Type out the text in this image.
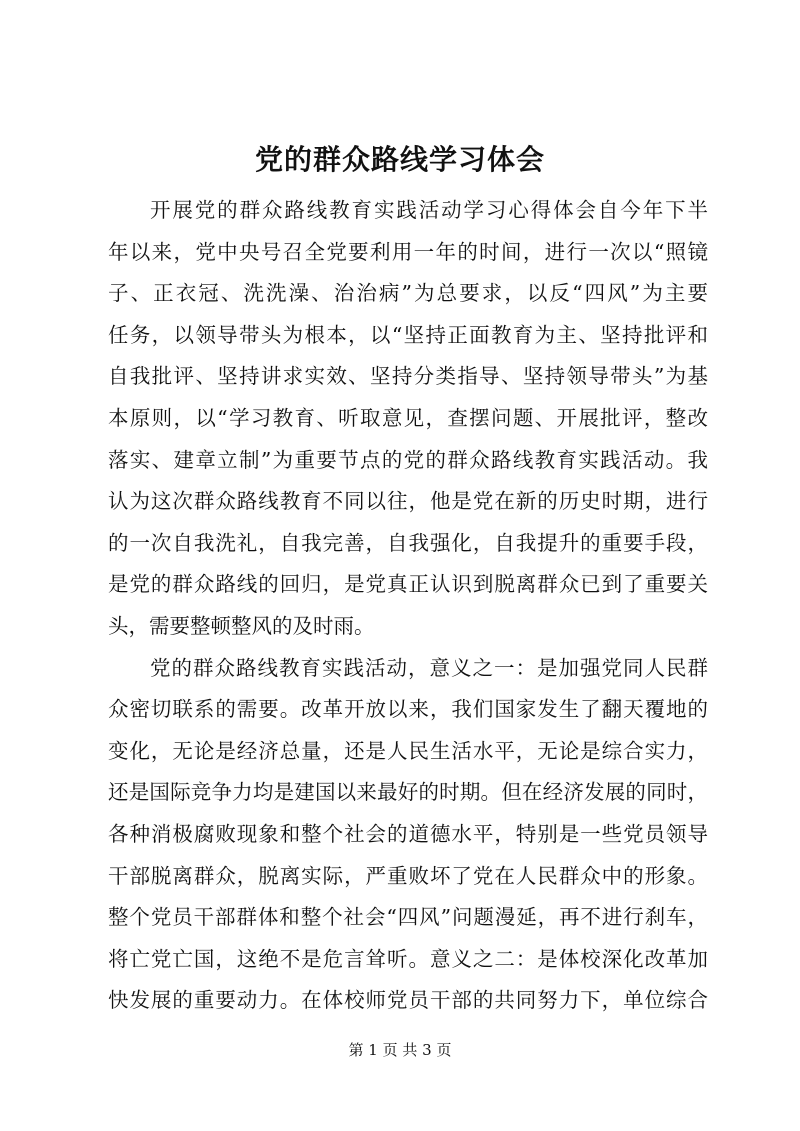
党的群众路线学习体会
开展党的群众路线教育实践活动学习心得体会自今年下半
年以来，党中央号召全党要利用一年的时间，进行一次以“照镜
子、正衣冠、洗洗澡、治治病”为总要求，以反“四风”为主要
任务，以领导带头为根本，以“坚持正面教育为主、坚持批评和
自我批评、坚持讲求实效、坚持分类指导、坚持领导带头”为基
本原则，以“学习教育、听取意见，查摆问题、开展批评，整改
落实、建章立制”为重要节点的党的群众路线教育实践活动。我
认为这次群众路线教育不同以往，他是党在新的历史时期，进行
的一次自我洗礼，自我完善，自我强化，自我提升的重要手段，
是党的群众路线的回归，是党真正认识到脱离群众已到了重要关
头，需要整顿整风的及时雨。
党的群众路线教育实践活动，意义之一：是加强党同人民群
众密切联系的需要。改革开放以来，我们国家发生了翻天覆地的
变化，无论是经济总量，还是人民生活水平，无论是综合实力，
还是国际竞争力均是建国以来最好的时期。但在经济发展的同时，
各种消极腐败现象和整个社会的道德水平，特别是一些党员领导
干部脱离群众，脱离实际，严重败坏了党在人民群众中的形象。
整个党员干部群体和整个社会“四风”问题漫延，再不进行刹车，
将亡党亡国，这绝不是危言耸听。意义之二：是体校深化改革加
快发展的重要动力。在体校师党员干部的共同努力下，单位综合
第 1 页 共 3 页
